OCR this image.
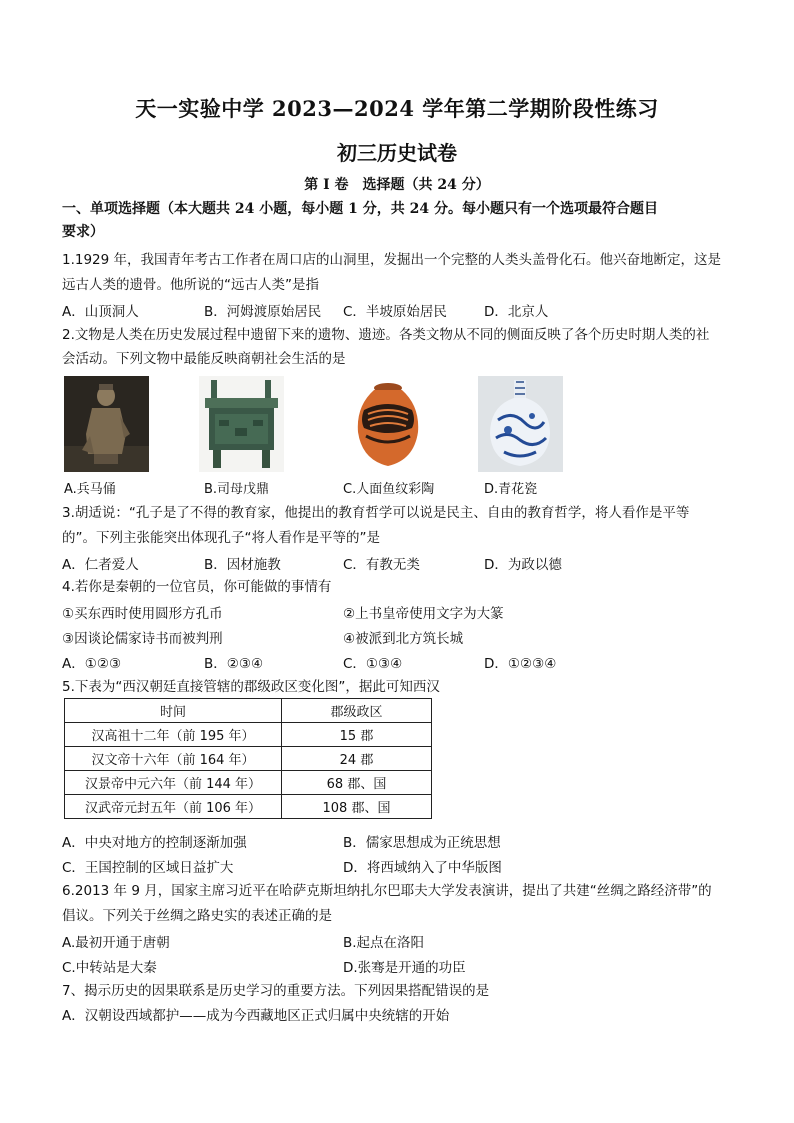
天一实验中学 2023—2024 学年第二学期阶段性练习
初三历史试卷
第 I 卷　选择题（共 24 分）
一、单项选择题（本大题共 24 小题，每小题 1 分，共 24 分。每小题只有一个选项最符合题目
要求）
1.1929 年，我国青年考古工作者在周口店的山洞里，发掘出一个完整的人类头盖骨化石。他兴奋地断定，这是
远古人类的遗骨。他所说的“远古人类”是指
A．山顶洞人	B．河姆渡原始居民 C．半坡原始居民	D．北京人
2.文物是人类在历史发展过程中遗留下来的遗物、遗迹。各类文物从不同的侧面反映了各个历史时期人类的社
会活动。下列文物中最能反映商朝社会生活的是
A.兵马俑	B.司母戊鼎	C.人面鱼纹彩陶	D.青花瓷
3.胡适说：“孔子是了不得的教育家，他提出的教育哲学可以说是民主、自由的教育哲学，将人看作是平等
的”。下列主张能突出体现孔子“将人看作是平等的”是
A．仁者爱人	B．因材施教	C．有教无类	D．为政以德
4.若你是秦朝的一位官员，你可能做的事情有
①买东西时使用圆形方孔币	②上书皇帝使用文字为大篆
③因谈论儒家诗书而被判刑	④被派到北方筑长城
A．①②③	B．②③④	C．①③④	D．①②③④
5.下表为“西汉朝廷直接管辖的郡级政区变化图”，据此可知西汉
时间	郡级政区
汉高祖十二年（前 195 年）	15 郡
汉文帝十六年（前 164 年）	24 郡
汉景帝中元六年（前 144 年）	68 郡、国
汉武帝元封五年（前 106 年）	108 郡、国
A．中央对地方的控制逐渐加强	B．儒家思想成为正统思想
C．王国控制的区域日益扩大	D．将西域纳入了中华版图
6.2013 年 9 月，国家主席习近平在哈萨克斯坦纳扎尔巴耶夫大学发表演讲，提出了共建“丝绸之路经济带”的
倡议。下列关于丝绸之路史实的表述正确的是
A.最初开通于唐朝	B.起点在洛阳
C.中转站是大秦	D.张骞是开通的功臣
7、揭示历史的因果联系是历史学习的重要方法。下列因果搭配错误的是
A．汉朝设西域都护——成为今西藏地区正式归属中央统辖的开始
